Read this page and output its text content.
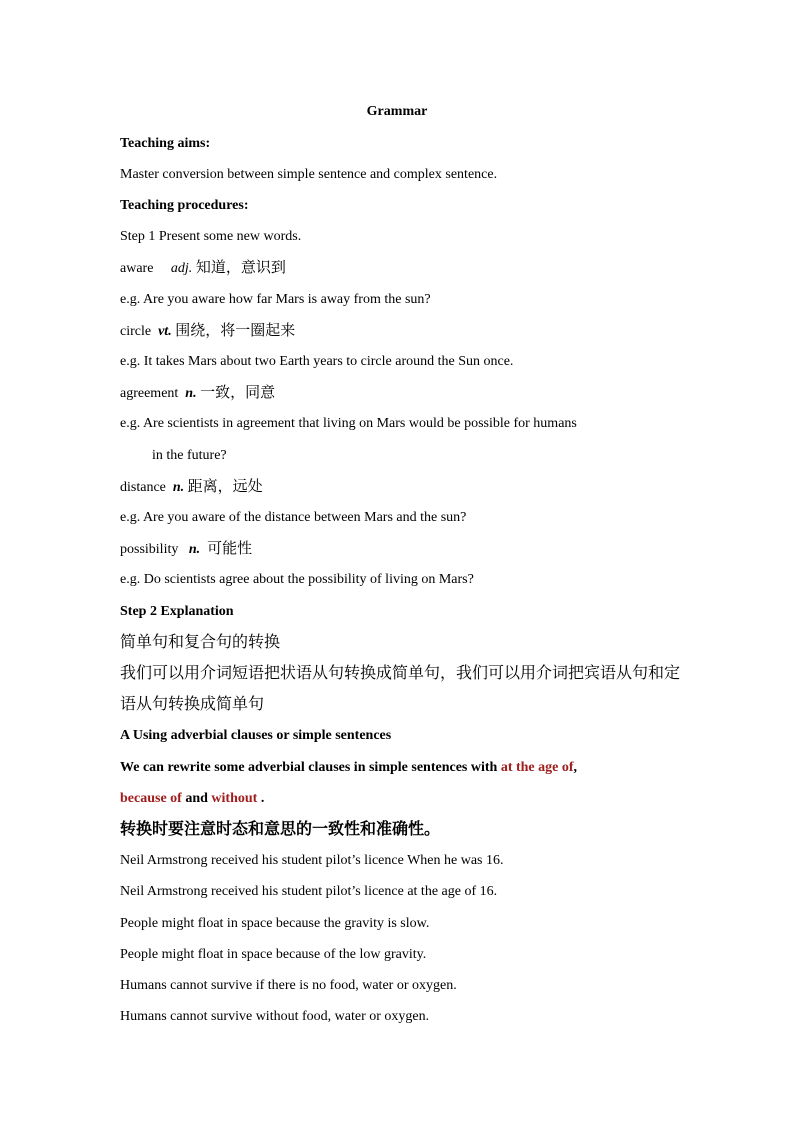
Grammar
Teaching aims:
Master conversion between simple sentence and complex sentence.
Teaching procedures:
Step 1 Present some new words.
aware adj. 知道，意识到
e.g. Are you aware how far Mars is away from the sun?
circle vt. 围绕，将一圈起来
e.g. It takes Mars about two Earth years to circle around the Sun once.
agreement n. 一致，同意
e.g. Are scientists in agreement that living on Mars would be possible for humans
in the future?
distance n. 距离，远处
e.g. Are you aware of the distance between Mars and the sun?
possibility n. 可能性
e.g. Do scientists agree about the possibility of living on Mars?
Step 2 Explanation
简单句和复合句的转换
我们可以用介词短语把状语从句转换成简单句，我们可以用介词把宾语从句和定
语从句转换成简单句
A Using adverbial clauses or simple sentences
We can rewrite some adverbial clauses in simple sentences with at the age of,
because of and without .
转换时要注意时态和意思的一致性和准确性。
Neil Armstrong received his student pilot’s licence When he was 16.
Neil Armstrong received his student pilot’s licence at the age of 16.
People might float in space because the gravity is slow.
People might float in space because of the low gravity.
Humans cannot survive if there is no food, water or oxygen.
Humans cannot survive without food, water or oxygen.
